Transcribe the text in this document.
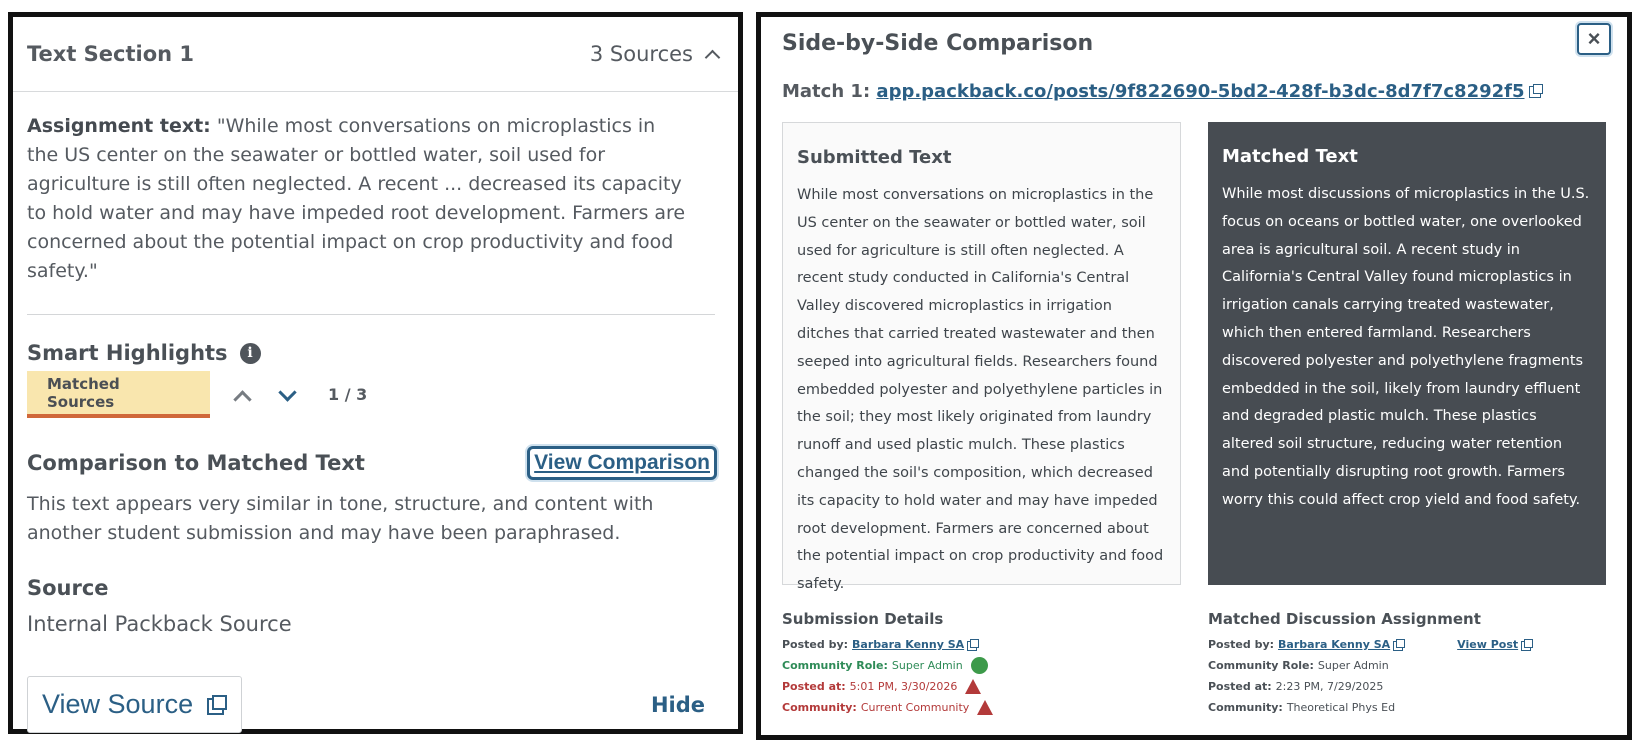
Text Section 1	3 Sources

Assignment text: "While most conversations on microplastics in the US center on the seawater or bottled water, soil used for agriculture is still often neglected. A recent ... decreased its capacity to hold water and may have impeded root development. Farmers are concerned about the potential impact on crop productivity and food safety."

Smart Highlights	i
Matched Sources	1 / 3
Comparison to Matched Text	View Comparison

This text appears very similar in tone, structure, and content with another student submission and may have been paraphrased.

Source
Internal Packback Source
View Source	Hide
Side-by-Side Comparison	×
Match 1: app.packback.co/posts/9f822690-5bd2-428f-b3dc-8d7f7c8292f5
Submitted Text

While most conversations on microplastics in the US center on the seawater or bottled water, soil used for agriculture is still often neglected. A recent study conducted in California's Central Valley discovered microplastics in irrigation ditches that carried treated wastewater and then seeped into agricultural fields. Researchers found embedded polyester and polyethylene particles in the soil; they most likely originated from laundry runoff and used plastic mulch. These plastics changed the soil's composition, which decreased its capacity to hold water and may have impeded root development. Farmers are concerned about the potential impact on crop productivity and food safety.

Matched Text

While most discussions of microplastics in the U.S. focus on oceans or bottled water, one overlooked area is agricultural soil. A recent study in California's Central Valley found microplastics in irrigation canals carrying treated wastewater, which then entered farmland. Researchers discovered polyester and polyethylene fragments embedded in the soil, likely from laundry effluent and degraded plastic mulch. These plastics altered soil structure, reducing water retention and potentially disrupting root growth. Farmers worry this could affect crop yield and food safety.

Submission Details
Posted by: Barbara Kenny SA
Community Role: Super Admin
Posted at: 5:01 PM, 3/30/2026
Community: Current Community
Matched Discussion Assignment
Posted by: Barbara Kenny SA	View Post
Community Role: Super Admin
Posted at: 2:23 PM, 7/29/2025
Community: Theoretical Phys Ed
